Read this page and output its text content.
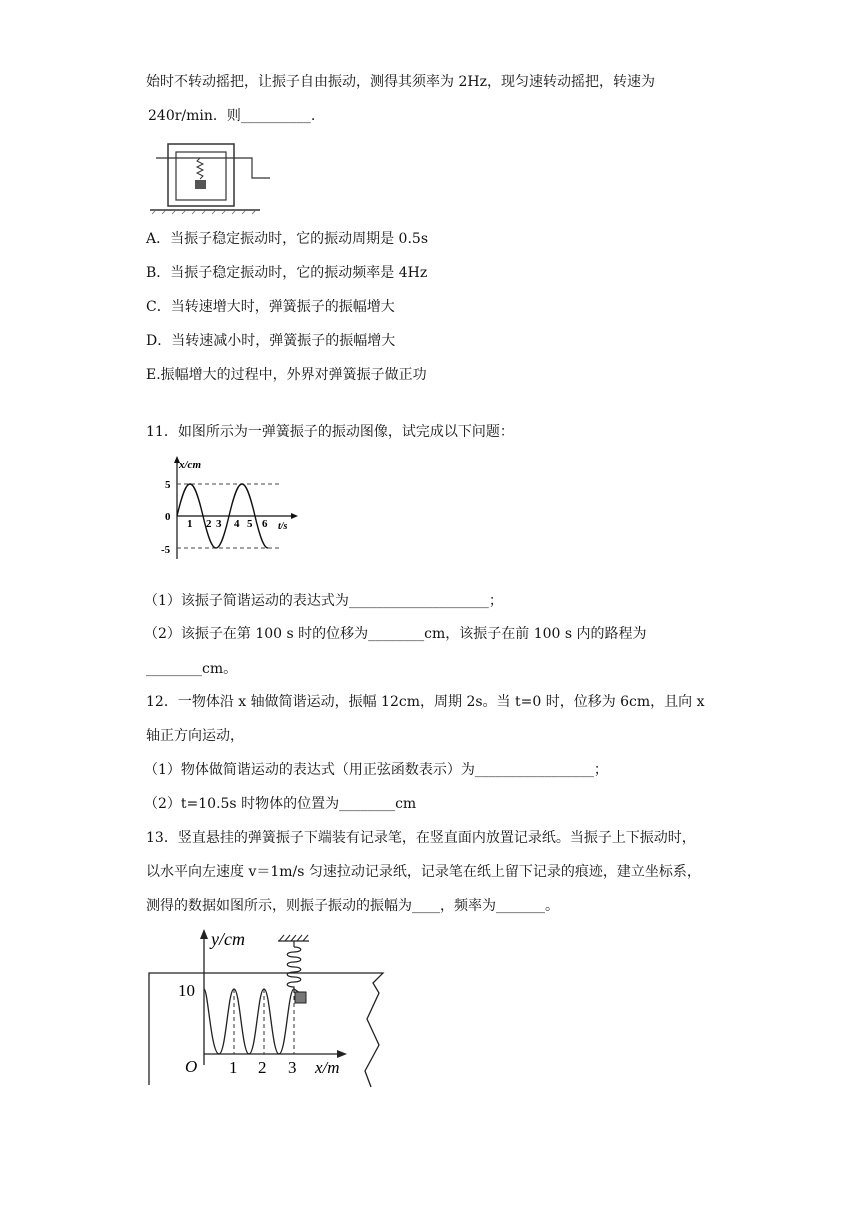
始时不转动摇把，让振子自由振动，测得其须率为 2Hz，现匀速转动摇把，转速为
240r/min．则__________.
A．当振子稳定振动时，它的振动周期是 0.5s
B．当振子稳定振动时，它的振动频率是 4Hz
C．当转速增大时，弹簧振子的振幅增大
D．当转速减小时，弹簧振子的振幅增大
E.振幅增大的过程中，外界对弹簧振子做正功
11．如图所示为一弹簧振子的振动图像，试完成以下问题：
x/cm
t/s
5
-5
0
1 2 3 4 5 6
（1）该振子简谐运动的表达式为____________________；
（2）该振子在第 100 s 时的位移为________cm，该振子在前 100 s 内的路程为
________cm。
12．一物体沿 x 轴做简谐运动，振幅 12cm，周期 2s。当 t=0 时，位移为 6cm，且向 x
轴正方向运动，
（1）物体做简谐运动的表达式（用正弦函数表示）为_________________；
（2）t=10.5s 时物体的位置为________cm
13．竖直悬挂的弹簧振子下端装有记录笔，在竖直面内放置记录纸。当振子上下振动时，
以水平向左速度 v＝1m/s 匀速拉动记录纸，记录笔在纸上留下记录的痕迹，建立坐标系，
测得的数据如图所示，则振子振动的振幅为____，频率为_______。
y/cm
10
O 1 2 3 x/m
